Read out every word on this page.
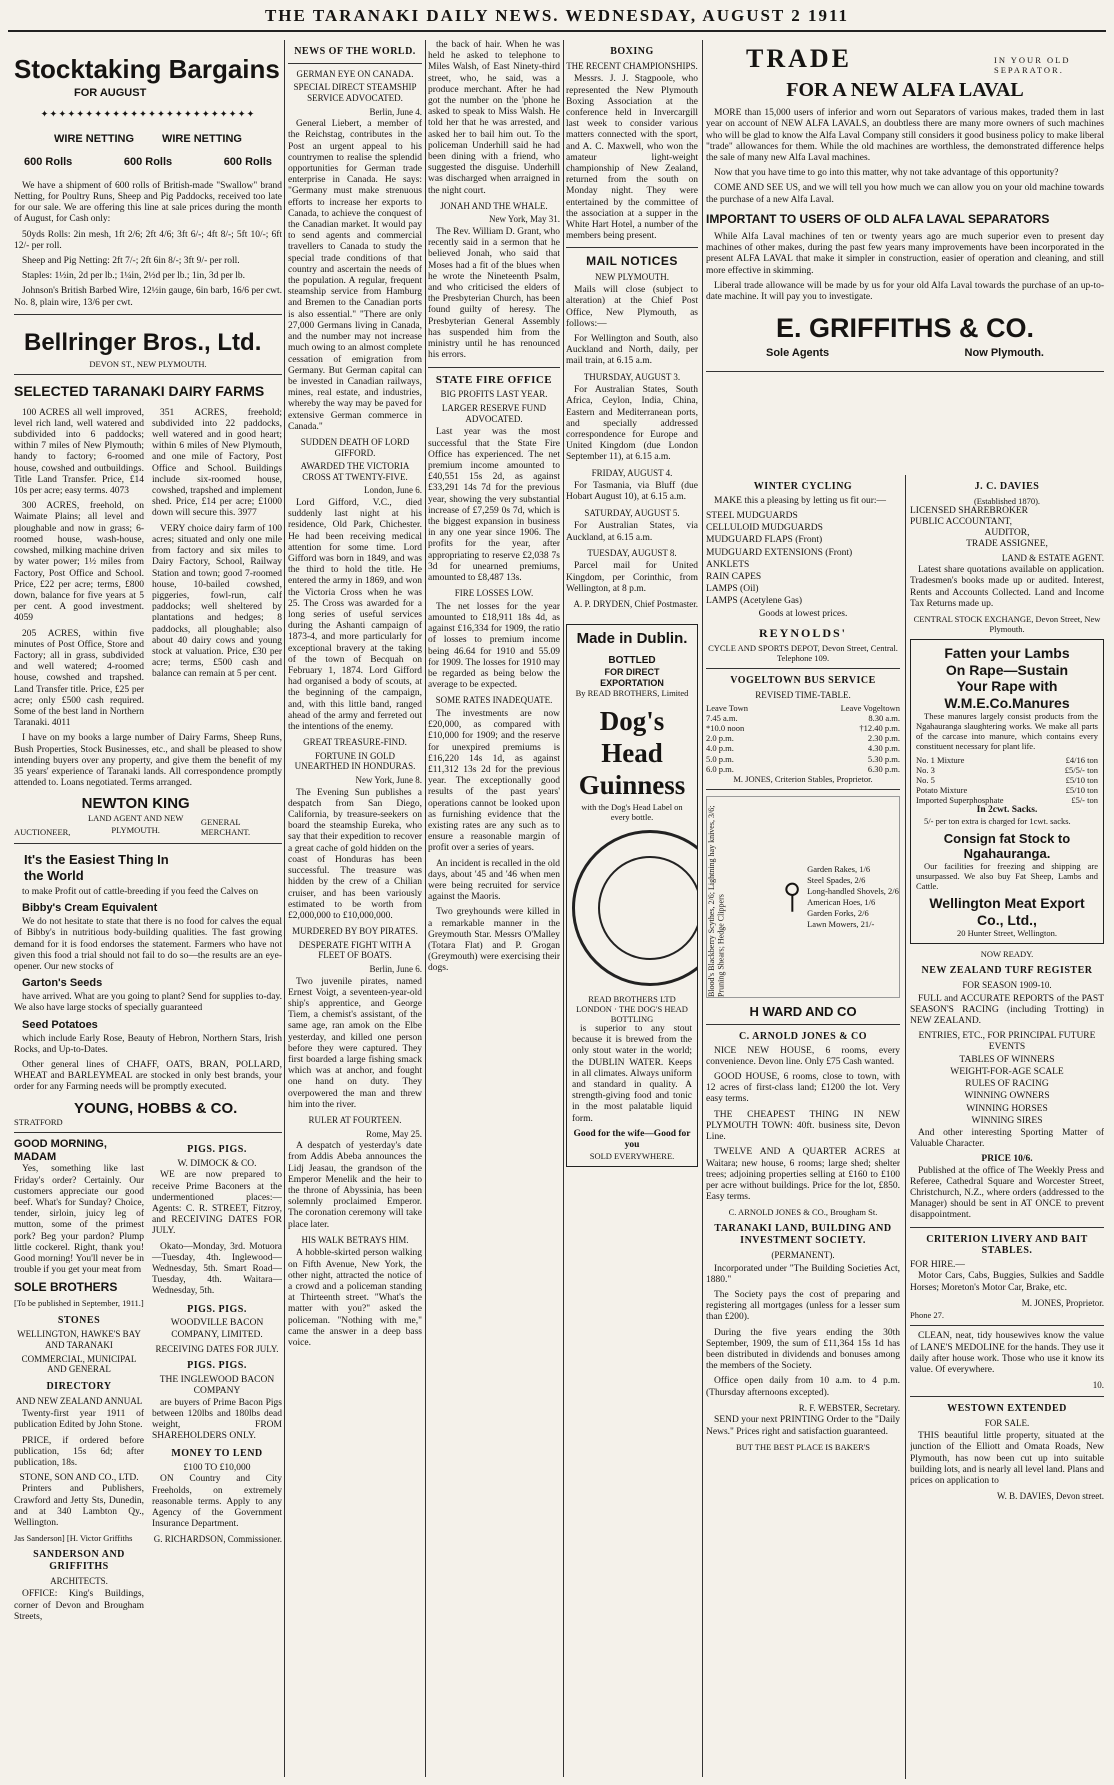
THE TARANAKI DAILY NEWS. WEDNESDAY, AUGUST 2 1911
Stocktaking Bargains
FOR AUGUST
✦✦✦✦✦✦✦✦✦✦✦✦✦✦✦✦✦✦✦✦✦✦✦✦
WIRE NETTING	WIRE NETTING
600 Rolls	600 Rolls	600 Rolls

We have a shipment of 600 rolls of British-made "Swallow" brand Netting, for Poultry Runs, Sheep and Pig Paddocks, received too late for our sale. We are offering this line at sale prices during the month of August, for Cash only:

50yds Rolls: 2in mesh, 1ft 2/6; 2ft 4/6; 3ft 6/-; 4ft 8/-; 5ft 10/-; 6ft 12/- per roll.

Sheep and Pig Netting: 2ft 7/-; 2ft 6in 8/-; 3ft 9/- per roll.

Staples: 1½in, 2d per lb.; 1¼in, 2½d per lb.; 1in, 3d per lb.

Johnson's British Barbed Wire, 12½in gauge, 6in barb, 16/6 per cwt. No. 8, plain wire, 13/6 per cwt.

Bellringer Bros., Ltd.
DEVON ST., NEW PLYMOUTH.
SELECTED TARANAKI DAIRY FARMS

100 ACRES all well improved, level rich land, well watered and subdivided into 6 paddocks; within 7 miles of New Plymouth; handy to factory; 6-roomed house, cowshed and outbuildings. Title Land Transfer. Price, £14 10s per acre; easy terms. 4073

300 ACRES, freehold, on Waimate Plains; all level and ploughable and now in grass; 6-roomed house, wash-house, cowshed, milking machine driven by water power; 1½ miles from Factory, Post Office and School. Price, £22 per acre; terms, £800 down, balance for five years at 5 per cent. A good investment. 4059

205 ACRES, within five minutes of Post Office, Store and Factory; all in grass, subdivided and well watered; 4-roomed house, cowshed and trapshed. Land Transfer title. Price, £25 per acre; only £500 cash required. Some of the best land in Northern Taranaki. 4011

351 ACRES, freehold; subdivided into 22 paddocks, well watered and in good heart; within 6 miles of New Plymouth, and one mile of Factory, Post Office and School. Buildings include six-roomed house, cowshed, trapshed and implement shed. Price, £14 per acre; £1000 down will secure this. 3977

VERY choice dairy farm of 100 acres; situated and only one mile from factory and six miles to Dairy Factory, School, Railway Station and town; good 7-roomed house, 10-bailed cowshed, piggeries, fowl-run, calf paddocks; well sheltered by plantations and hedges; 8 paddocks, all ploughable; also about 40 dairy cows and young stock at valuation. Price, £30 per acre; terms, £500 cash and balance can remain at 5 per cent.

I have on my books a large number of Dairy Farms, Sheep Runs, Bush Properties, Stock Businesses, etc., and shall be pleased to show intending buyers over any property, and give them the benefit of my 35 years' experience of Taranaki lands. All correspondence promptly attended to. Loans negotiated. Terms arranged.

AUCTIONEER,
NEWTON KING
LAND AGENT AND NEW PLYMOUTH.
GENERAL MERCHANT.
It's the Easiest Thing In the World

to make Profit out of cattle-breeding if you feed the Calves on

Bibby's Cream Equivalent

We do not hesitate to state that there is no food for calves the equal of Bibby's in nutritious body-building qualities. The fast growing demand for it is food endorses the statement. Farmers who have not given this food a trial should not fail to do so—the results are an eye-opener. Our new stocks of

Garton's Seeds

have arrived. What are you going to plant? Send for supplies to-day. We also have large stocks of specially guaranteed

Seed Potatoes

which include Early Rose, Beauty of Hebron, Northern Stars, Irish Rocks, and Up-to-Dates.

Other general lines of CHAFF, OATS, BRAN, POLLARD, WHEAT and BARLEYMEAL are stocked in only best brands, your order for any Farming needs will be promptly executed.

YOUNG, HOBBS & CO.
STRATFORD
GOOD MORNING, MADAM

Yes, something like last Friday's order? Certainly. Our customers appreciate our good beef. What's for Sunday? Choice, tender, sirloin, juicy leg of mutton, some of the primest pork? Beg your pardon? Plump little cockerel. Right, thank you! Good morning! You'll never be in trouble if you get your meat from

SOLE BROTHERS
[To be published in September, 1911.]
STONES
WELLINGTON, HAWKE'S BAY AND TARANAKI
COMMERCIAL, MUNICIPAL AND GENERAL
DIRECTORY
AND NEW ZEALAND ANNUAL

Twenty-first year 1911 of publication Edited by John Stone.

PRICE, if ordered before publication, 15s 6d; after publication, 18s.

STONE, SON AND CO., LTD.

Printers and Publishers, Crawford and Jetty Sts, Dunedin, and at 340 Lambton Qy., Wellington.

Jas Sanderson] [H. Victor Griffiths
SANDERSON AND GRIFFITHS
ARCHITECTS.

OFFICE: King's Buildings, corner of Devon and Brougham Streets,

PIGS. PIGS.
W. DIMOCK & CO.

WE are now prepared to receive Prime Baconers at the undermentioned places:— Agents: C. R. STREET, Fitzroy, and RECEIVING DATES FOR JULY.

Okato—Monday, 3rd. Motuora—Tuesday, 4th. Inglewood—Wednesday, 5th. Smart Road—Tuesday, 4th. Waitara—Wednesday, 5th.

PIGS. PIGS.
WOODVILLE BACON COMPANY, LIMITED.
RECEIVING DATES FOR JULY.
PIGS. PIGS.
THE INGLEWOOD BACON COMPANY

are buyers of Prime Bacon Pigs between 120lbs and 180lbs dead weight, FROM SHAREHOLDERS ONLY.

MONEY TO LEND
£100 TO £10,000

ON Country and City Freeholds, on extremely reasonable terms. Apply to any Agency of the Government Insurance Department.

G. RICHARDSON, Commissioner.
NEWS OF THE WORLD.
GERMAN EYE ON CANADA.
SPECIAL DIRECT STEAMSHIP SERVICE ADVOCATED.
Berlin, June 4.

General Liebert, a member of the Reichstag, contributes in the Post an urgent appeal to his countrymen to realise the splendid opportunities for German trade enterprise in Canada. He says: "Germany must make strenuous efforts to increase her exports to Canada, to achieve the conquest of the Canadian market. It would pay to send agents and commercial travellers to Canada to study the special trade conditions of that country and ascertain the needs of the population. A regular, frequent steamship service from Hamburg and Bremen to the Canadian ports is also essential." "There are only 27,000 Germans living in Canada, and the number may not increase much owing to an almost complete cessation of emigration from Germany. But German capital can be invested in Canadian railways, mines, real estate, and industries, whereby the way may be paved for extensive German commerce in Canada."

SUDDEN DEATH OF LORD GIFFORD.
AWARDED THE VICTORIA CROSS AT TWENTY-FIVE.
London, June 6.

Lord Gifford, V.C., died suddenly last night at his residence, Old Park, Chichester. He had been receiving medical attention for some time. Lord Gifford was born in 1849, and was the third to hold the title. He entered the army in 1869, and won the Victoria Cross when he was 25. The Cross was awarded for a long series of useful services during the Ashanti campaign of 1873-4, and more particularly for exceptional bravery at the taking of the town of Becquah on February 1, 1874. Lord Gifford had organised a body of scouts, at the beginning of the campaign, and, with this little band, ranged ahead of the army and ferreted out the intentions of the enemy.

GREAT TREASURE-FIND.
FORTUNE IN GOLD UNEARTHED IN HONDURAS.
New York, June 8.

The Evening Sun publishes a despatch from San Diego, California, by treasure-seekers on board the steamship Eureka, who say that their expedition to recover a great cache of gold hidden on the coast of Honduras has been successful. The treasure was hidden by the crew of a Chilian cruiser, and has been variously estimated to be worth from £2,000,000 to £10,000,000.

MURDERED BY BOY PIRATES.
DESPERATE FIGHT WITH A FLEET OF BOATS.
Berlin, June 6.

Two juvenile pirates, named Ernest Voigt, a seventeen-year-old ship's apprentice, and George Tiem, a chemist's assistant, of the same age, ran amok on the Elbe yesterday, and killed one person before they were captured. They first boarded a large fishing smack which was at anchor, and fought one hand on duty. They overpowered the man and threw him into the river.

RULER AT FOURTEEN.
Rome, May 25.

A despatch of yesterday's date from Addis Abeba announces the Lidj Jeasau, the grandson of the Emperor Menelik and the heir to the throne of Abyssinia, has been solemnly proclaimed Emperor. The coronation ceremony will take place later.

HIS WALK BETRAYS HIM.

A hobble-skirted person walking on Fifth Avenue, New York, the other night, attracted the notice of a crowd and a policeman standing at Thirteenth street. "What's the matter with you?" asked the policeman. "Nothing with me," came the answer in a deep bass voice.

the back of hair. When he was held he asked to telephone to Miles Walsh, of East Ninety-third street, who, he said, was a produce merchant. After he had got the number on the 'phone he asked to speak to Miss Walsh. He told her that he was arrested, and asked her to bail him out. To the policeman Underhill said he had been dining with a friend, who suggested the disguise. Underhill was discharged when arraigned in the night court.

JONAH AND THE WHALE.
New York, May 31.

The Rev. William D. Grant, who recently said in a sermon that he believed Jonah, who said that Moses had a fit of the blues when he wrote the Nineteenth Psalm, and who criticised the elders of the Presbyterian Church, has been found guilty of heresy. The Presbyterian General Assembly has suspended him from the ministry until he has renounced his errors.

STATE FIRE OFFICE
BIG PROFITS LAST YEAR.
LARGER RESERVE FUND ADVOCATED.

Last year was the most successful that the State Fire Office has experienced. The net premium income amounted to £40,551 15s 2d, as against £33,291 14s 7d for the previous year, showing the very substantial increase of £7,259 0s 7d, which is the biggest expansion in business in any one year since 1906. The profits for the year, after appropriating to reserve £2,038 7s 3d for unearned premiums, amounted to £8,487 13s.

FIRE LOSSES LOW.

The net losses for the year amounted to £18,911 18s 4d, as against £16,334 for 1909, the ratio of losses to premium income being 46.64 for 1910 and 55.09 for 1909. The losses for 1910 may be regarded as being below the average to be expected.

SOME RATES INADEQUATE.

The investments are now £20,000, as compared with £10,000 for 1909; and the reserve for unexpired premiums is £16,220 14s 1d, as against £11,312 13s 2d for the previous year. The exceptionally good results of the past years' operations cannot be looked upon as furnishing evidence that the existing rates are any such as to ensure a reasonable margin of profit over a series of years.

An incident is recalled in the old days, about '45 and '46 when men were being recruited for service against the Maoris.

Two greyhounds were killed in a remarkable manner in the Greymouth Star. Messrs O'Malley (Totara Flat) and P. Grogan (Greymouth) were exercising their dogs.

BOXING
THE RECENT CHAMPIONSHIPS.

Messrs. J. J. Stagpoole, who represented the New Plymouth Boxing Association at the conference held in Invercargill last week to consider various matters connected with the sport, and A. C. Maxwell, who won the amateur light-weight championship of New Zealand, returned from the south on Monday night. They were entertained by the committee of the association at a supper in the White Hart Hotel, a number of the members being present.

MAIL NOTICES
NEW PLYMOUTH.

Mails will close (subject to alteration) at the Chief Post Office, New Plymouth, as follows:—

For Wellington and South, also Auckland and North, daily, per mail train, at 6.15 a.m.

THURSDAY, AUGUST 3.

For Australian States, South Africa, Ceylon, India, China, Eastern and Mediterranean ports, and specially addressed correspondence for Europe and United Kingdom (due London September 11), at 6.15 a.m.

FRIDAY, AUGUST 4.

For Tasmania, via Bluff (due Hobart August 10), at 6.15 a.m.

SATURDAY, AUGUST 5.

For Australian States, via Auckland, at 6.15 a.m.

TUESDAY, AUGUST 8.

Parcel mail for United Kingdom, per Corinthic, from Wellington, at 8 p.m.

A. P. DRYDEN, Chief Postmaster.
Made in Dublin.
BOTTLED
FOR DIRECT EXPORTATION
By READ BROTHERS, Limited
Dog's Head
Guinness
with the Dog's Head Label on every bottle.
READ BROTHERS LTD LONDON · THE DOG'S HEAD BOTTLING

is superior to any stout because it is brewed from the only stout water in the world; the DUBLIN WATER. Keeps in all climates. Always uniform and standard in quality. A strength-giving food and tonic in the most palatable liquid form.

Good for the wife—Good for you
SOLD EVERYWHERE.
TRADE	IN YOUR OLD SEPARATOR.
FOR A NEW ALFA LAVAL

MORE than 15,000 users of inferior and worn out Separators of various makes, traded them in last year on account of NEW ALFA LAVALS, an doubtless there are many more owners of such machines who will be glad to know the Alfa Laval Company still considers it good business policy to make liberal "trade" allowances for them. While the old machines are worthless, the demonstrated difference helps the sale of many new Alfa Laval machines.

Now that you have time to go into this matter, why not take advantage of this opportunity?

COME AND SEE US, and we will tell you how much we can allow you on your old machine towards the purchase of a new Alfa Laval.

IMPORTANT TO USERS OF OLD ALFA LAVAL SEPARATORS

While Alfa Laval machines of ten or twenty years ago are much superior even to present day machines of other makes, during the past few years many improvements have been incorporated in the present ALFA LAVAL that make it simpler in construction, easier of operation and cleaning, and still more effective in skimming.

Liberal trade allowance will be made by us for your old Alfa Laval towards the purchase of an up-to-date machine. It will pay you to investigate.

E. GRIFFITHS & CO.
Sole Agents	Now Plymouth.
WINTER CYCLING

MAKE this a pleasing by letting us fit our:—

STEEL MUDGUARDS
CELLULOID MUDGUARDS
MUDGUARD FLAPS (Front)
MUDGUARD EXTENSIONS (Front)
ANKLETS
RAIN CAPES
LAMPS (Oil)
LAMPS (Acetylene Gas)
Goods at lowest prices.
REYNOLDS'
CYCLE AND SPORTS DEPOT, Devon Street, Central. Telephone 109.
VOGELTOWN BUS SERVICE
REVISED TIME-TABLE.
Leave Town	Leave Vogeltown
7.45 a.m.	8.30 a.m.
*10.0 noon	†12.40 p.m.
2.0 p.m.	2.30 p.m.
4.0 p.m.	4.30 p.m.
5.0 p.m.	5.30 p.m.
6.0 p.m.	6.30 p.m.
M. JONES, Criterion Stables, Proprietor.
Blood's Blackberry Scythes, 2/6; Lightning hay knives, 3/6; Pruning Shears; Hedge Clippers	⫯
Garden Rakes, 1/6
Steel Spades, 2/6
Long-handled Shovels, 2/6
American Hoes, 1/6
Garden Forks, 2/6
Lawn Mowers, 21/-
H WARD AND CO
C. ARNOLD JONES & CO

NICE NEW HOUSE, 6 rooms, every convenience. Devon line. Only £75 Cash wanted.

GOOD HOUSE, 6 rooms, close to town, with 12 acres of first-class land; £1200 the lot. Very easy terms.

THE CHEAPEST THING IN NEW PLYMOUTH TOWN: 40ft. business site, Devon Line.

TWELVE AND A QUARTER ACRES at Waitara; new house, 6 rooms; large shed; shelter trees; adjoining properties selling at £160 to £100 per acre without buildings. Price for the lot, £850. Easy terms.

C. ARNOLD JONES & CO., Brougham St.
TARANAKI LAND, BUILDING AND INVESTMENT SOCIETY.
(PERMANENT).

Incorporated under "The Building Societies Act, 1880."

The Society pays the cost of preparing and registering all mortgages (unless for a lesser sum than £200).

During the five years ending the 30th September, 1909, the sum of £11,364 15s 1d has been distributed in dividends and bonuses among the members of the Society.

Office open daily from 10 a.m. to 4 p.m. (Thursday afternoons excepted).

R. F. WEBSTER, Secretary.

SEND your next PRINTING Order to the "Daily News." Prices right and satisfaction guaranteed.

BUT THE BEST PLACE IS BAKER'S
J. C. DAVIES
(Established 1870).
LICENSED SHAREBROKER
PUBLIC ACCOUNTANT,
AUDITOR,
TRADE ASSIGNEE,
LAND & ESTATE AGENT.

Latest share quotations available on application. Tradesmen's books made up or audited. Interest, Rents and Accounts Collected. Land and Income Tax Returns made up.

CENTRAL STOCK EXCHANGE, Devon Street, New Plymouth.
Fatten your Lambs
On Rape—Sustain
Your Rape with
W.M.E.Co.Manures

These manures largely consist products from the Ngahauranga slaughtering works. We make all parts of the carcase into manure, which contains every constituent necessary for plant life.

No. 1 Mixture	£4/16 ton
No. 3	£5/5/- ton
No. 5	£5/10 ton
Potato Mixture	£5/10 ton
Imported Superphosphate	£5/- ton
In 2cwt. Sacks.

5/- per ton extra is charged for 1cwt. sacks.

Consign fat Stock to Ngahauranga.

Our facilities for freezing and shipping are unsurpassed. We also buy Fat Sheep, Lambs and Cattle.

Wellington Meat Export Co., Ltd.,
20 Hunter Street, Wellington.
NOW READY.
NEW ZEALAND TURF REGISTER
FOR SEASON 1909-10.

FULL and ACCURATE REPORTS of the PAST SEASON'S RACING (including Trotting) in NEW ZEALAND.

ENTRIES, ETC., FOR PRINCIPAL FUTURE EVENTS
TABLES OF WINNERS
WEIGHT-FOR-AGE SCALE
RULES OF RACING
WINNING OWNERS
WINNING HORSES
WINNING SIRES

And other interesting Sporting Matter of Valuable Character.

PRICE 10/6.

Published at the office of The Weekly Press and Referee, Cathedral Square and Worcester Street, Christchurch, N.Z., where orders (addressed to the Manager) should be sent in AT ONCE to prevent disappointment.

CRITERION LIVERY AND BAIT STABLES.
FOR HIRE.—

Motor Cars, Cabs, Buggies, Sulkies and Saddle Horses; Moreton's Motor Car, Brake, etc.

M. JONES, Proprietor.
Phone 27.

CLEAN, neat, tidy housewives know the value of LANE'S MEDOLINE for the hands. They use it daily after house work. Those who use it know its value. Of everywhere.

10.
WESTOWN EXTENDED
FOR SALE.

THIS beautiful little property, situated at the junction of the Elliott and Omata Roads, New Plymouth, has now been cut up into suitable building lots, and is nearly all level land. Plans and prices on application to

W. B. DAVIES, Devon street.
